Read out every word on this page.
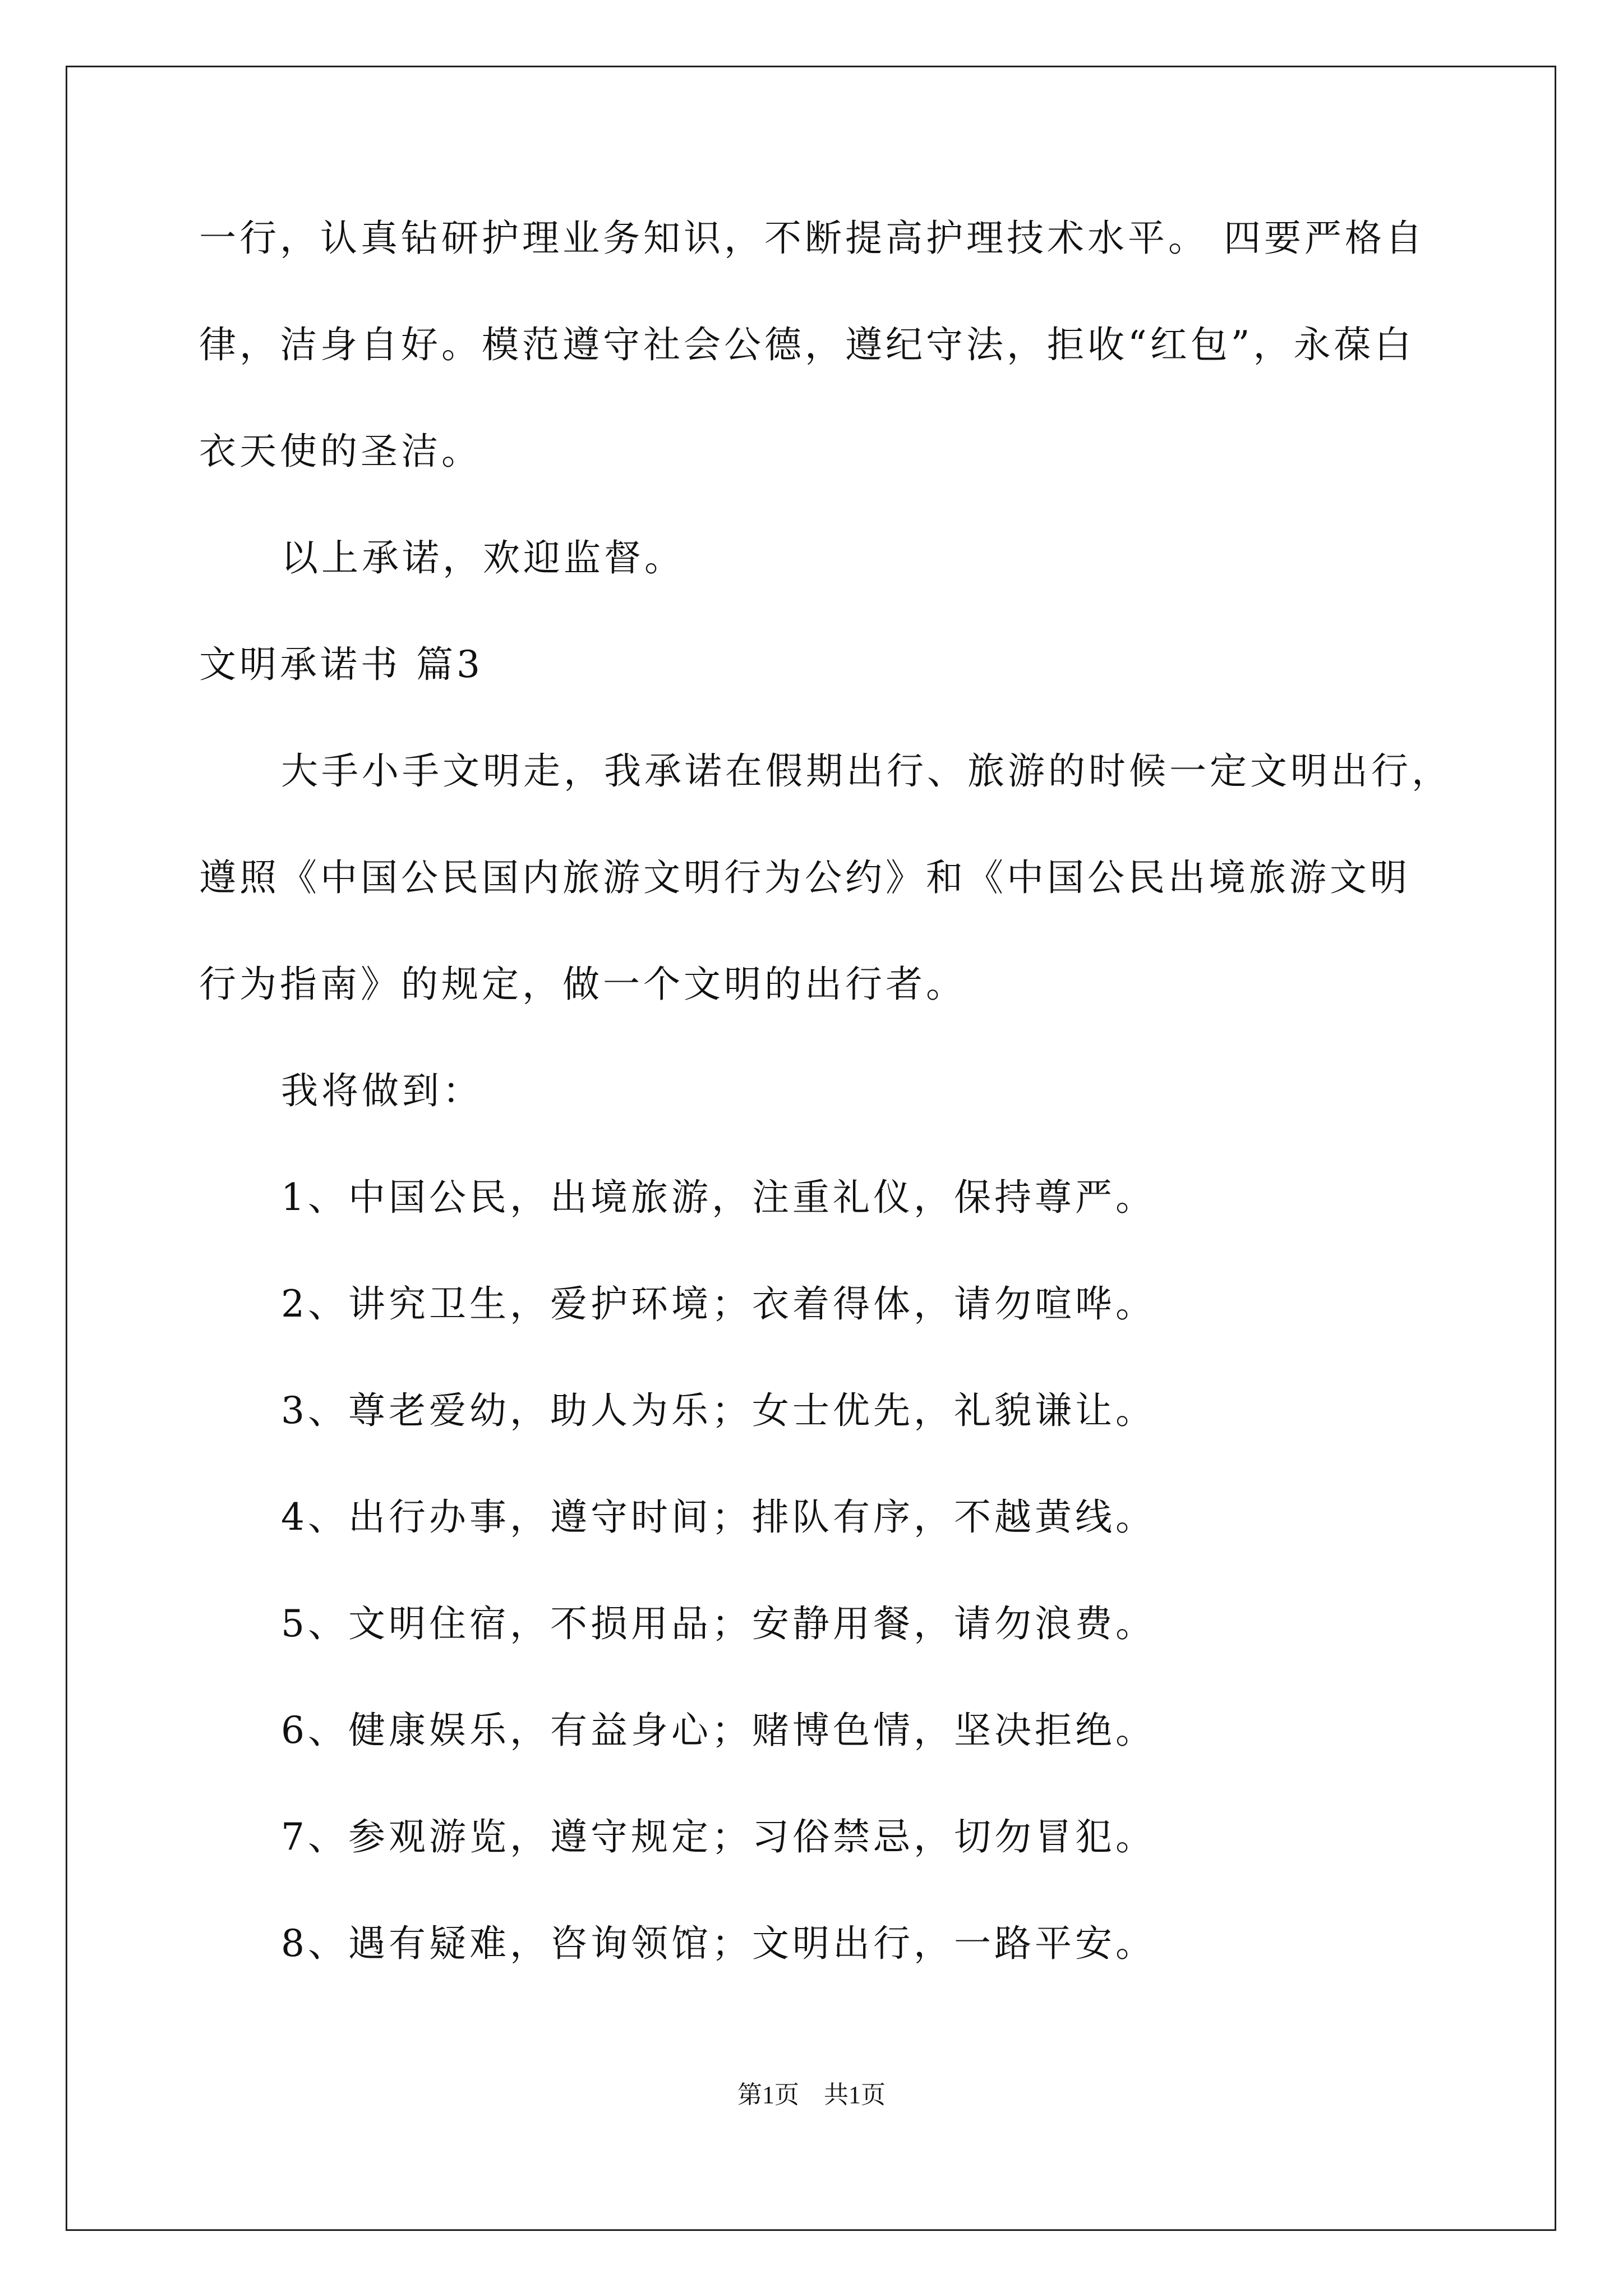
一行，认真钻研护理业务知识，不断提高护理技术水平。 四要严格自
律，洁身自好。模范遵守社会公德，遵纪守法，拒收“红包”，永葆白
衣天使的圣洁。
以上承诺，欢迎监督。
文明承诺书 篇3
大手小手文明走，我承诺在假期出行、旅游的时候一定文明出行，
遵照《中国公民国内旅游文明行为公约》和《中国公民出境旅游文明
行为指南》的规定，做一个文明的出行者。
我将做到：
1、中国公民，出境旅游，注重礼仪，保持尊严。
2、讲究卫生，爱护环境；衣着得体，请勿喧哗。
3、尊老爱幼，助人为乐；女士优先，礼貌谦让。
4、出行办事，遵守时间；排队有序，不越黄线。
5、文明住宿，不损用品；安静用餐，请勿浪费。
6、健康娱乐，有益身心；赌博色情，坚决拒绝。
7、参观游览，遵守规定；习俗禁忌，切勿冒犯。
8、遇有疑难，咨询领馆；文明出行，一路平安。
第1页　共1页
